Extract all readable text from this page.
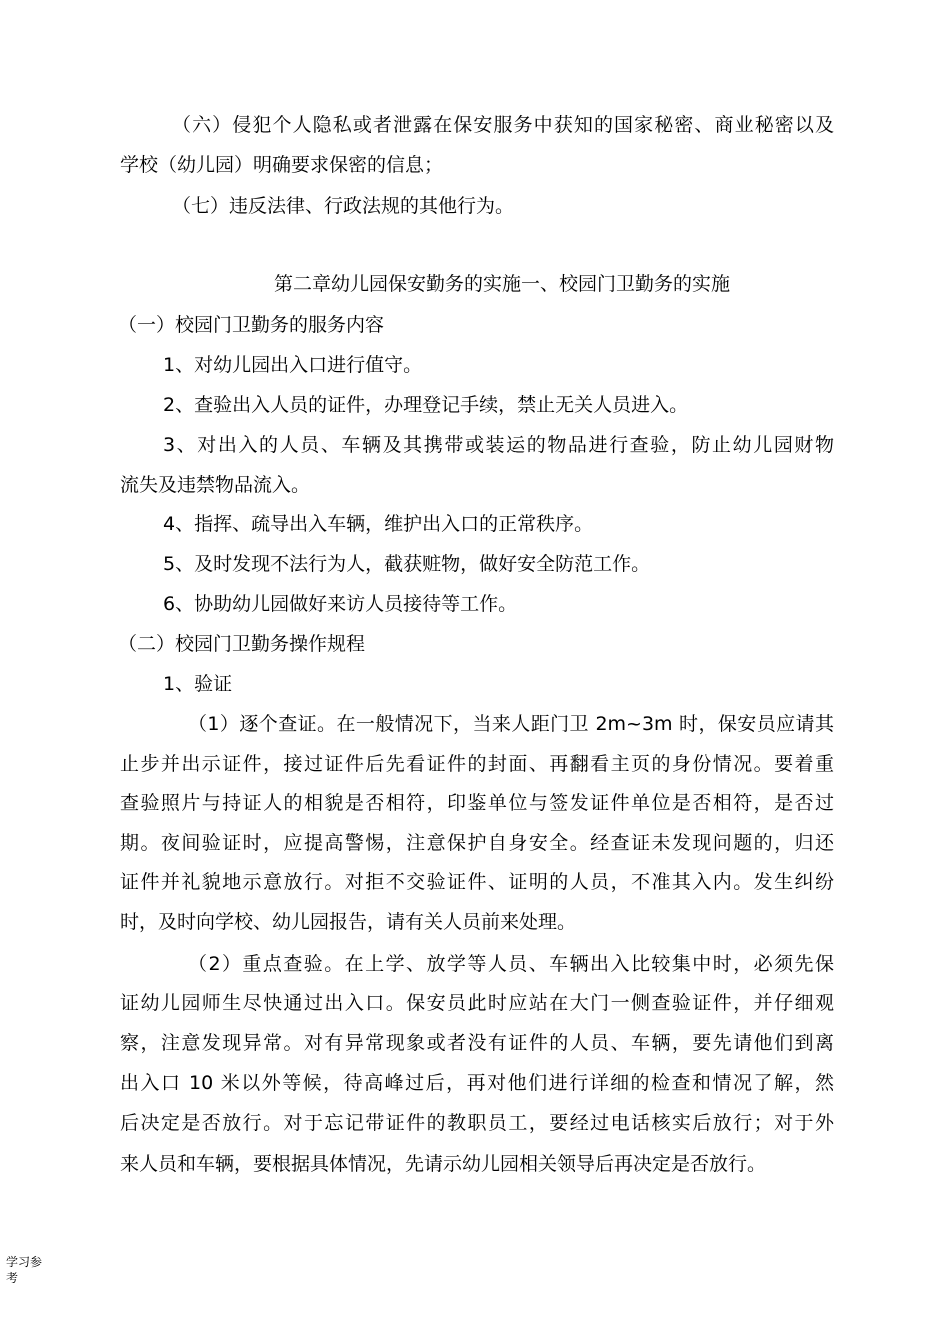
（六）侵犯个人隐私或者泄露在保安服务中获知的国家秘密、商业秘密以及
学校（幼儿园）明确要求保密的信息；
（七）违反法律、行政法规的其他行为。
第二章幼儿园保安勤务的实施一、校园门卫勤务的实施
（一）校园门卫勤务的服务内容
1、对幼儿园出入口进行值守。
2、查验出入人员的证件，办理登记手续，禁止无关人员进入。
3、对出入的人员、车辆及其携带或装运的物品进行查验，防止幼儿园财物
流失及违禁物品流入。
4、指挥、疏导出入车辆，维护出入口的正常秩序。
5、及时发现不法行为人，截获赃物，做好安全防范工作。
6、协助幼儿园做好来访人员接待等工作。
（二）校园门卫勤务操作规程
1、验证
（1）逐个查证。在一般情况下，当来人距门卫 2m~3m 时，保安员应请其
止步并出示证件，接过证件后先看证件的封面、再翻看主页的身份情况。要着重
查验照片与持证人的相貌是否相符，印鉴单位与签发证件单位是否相符，是否过
期。夜间验证时，应提高警惕，注意保护自身安全。经查证未发现问题的，归还
证件并礼貌地示意放行。对拒不交验证件、证明的人员，不准其入内。发生纠纷
时，及时向学校、幼儿园报告，请有关人员前来处理。
（2）重点查验。在上学、放学等人员、车辆出入比较集中时，必须先保
证幼儿园师生尽快通过出入口。保安员此时应站在大门一侧查验证件，并仔细观
察，注意发现异常。对有异常现象或者没有证件的人员、车辆，要先请他们到离
出入口 10 米以外等候，待高峰过后，再对他们进行详细的检查和情况了解，然
后决定是否放行。对于忘记带证件的教职员工，要经过电话核实后放行；对于外
来人员和车辆，要根据具体情况，先请示幼儿园相关领导后再决定是否放行。
学习参
考
